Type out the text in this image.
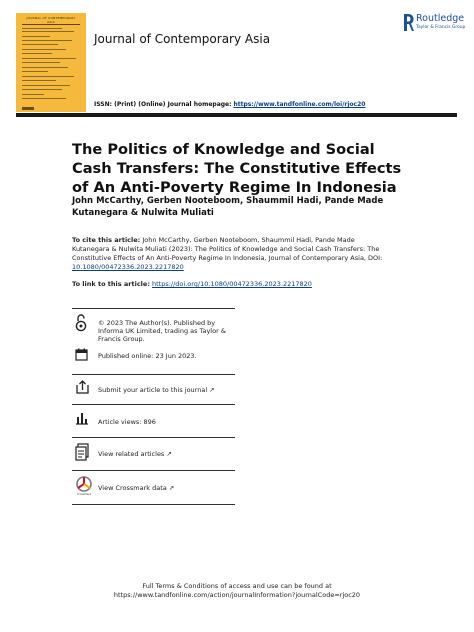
JOURNAL OF CONTEMPORARY ASIA
Journal of Contemporary Asia
Routledge
Taylor & Francis Group
ISSN: (Print) (Online) Journal homepage: https://www.tandfonline.com/loi/rjoc20
The Politics of Knowledge and Social Cash Transfers: The Constitutive Effects of An Anti-Poverty Regime In Indonesia
John McCarthy, Gerben Nooteboom, Shaummil Hadi, Pande Made Kutanegara & Nulwita Muliati
To cite this article: John McCarthy, Gerben Nooteboom, Shaummil Hadi, Pande Made Kutanegara & Nulwita Muliati (2023): The Politics of Knowledge and Social Cash Transfers: The Constitutive Effects of An Anti-Poverty Regime In Indonesia, Journal of Contemporary Asia, DOI: 10.1080/00472336.2023.2217820
To link to this article: https://doi.org/10.1080/00472336.2023.2217820
© 2023 The Author(s). Published by Informa UK Limited, trading as Taylor & Francis Group.
Published online: 23 Jun 2023.
Submit your article to this journal ↗
Article views: 896
View related articles ↗
CrossMark
View Crossmark data ↗
Full Terms & Conditions of access and use can be found at
https://www.tandfonline.com/action/journalInformation?journalCode=rjoc20
